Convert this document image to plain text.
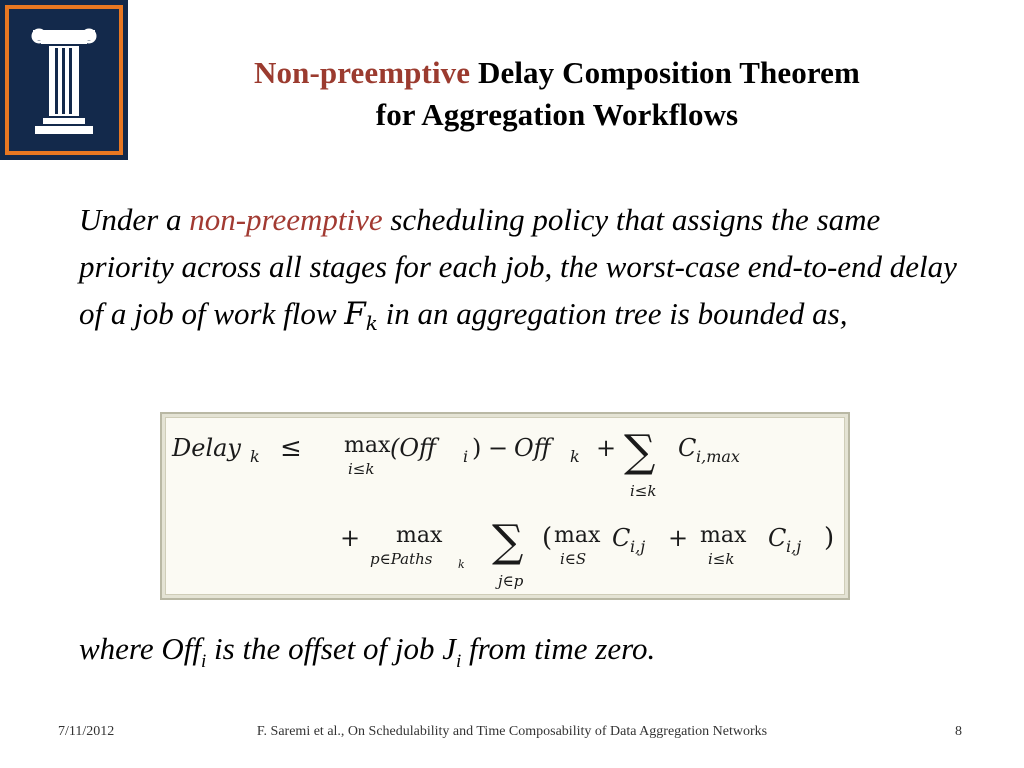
Non-preemptive Delay Composition Theorem
for Aggregation Workflows
Under a non-preemptive scheduling policy that assigns the same priority across all stages for each job, the worst-case end-to-end delay of a job of work flow $F_k$ in an aggregation tree is bounded as,
Delay k ≤ max
i≤k
(Off i ) − Off k + ∑
i≤k
C i,max
+ max
p∈Paths k ∑
j∈p
( max
i∈S
C i,j + max
i≤k
C i,j )
where Off$_i$ is the offset of job $J_i$ from time zero.
7/11/2012	F. Saremi et al., On Schedulability and Time Composability of Data Aggregation Networks	8
